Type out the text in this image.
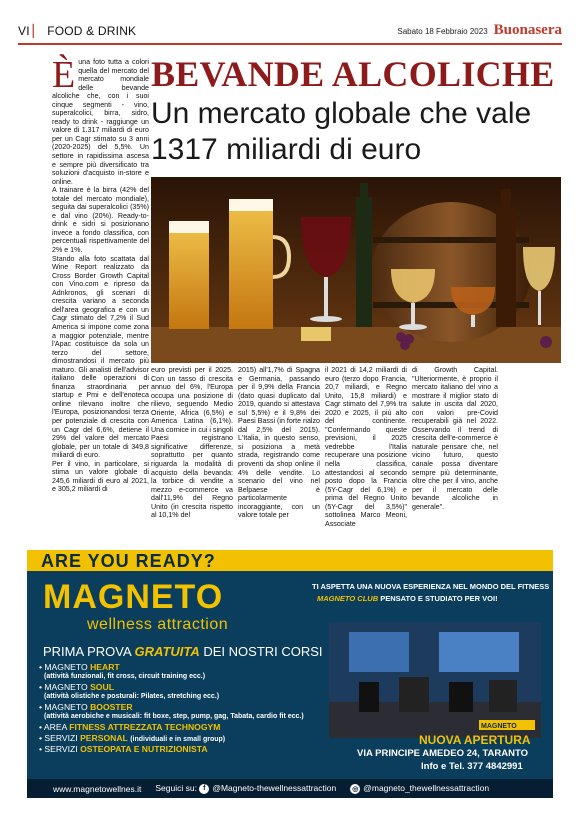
VI ▏ FOOD & DRINK	Sabato 18 Febbraio 2023 Buonasera
È una foto tutta a colori quella del mercato del mercato mondiale delle bevande alcoliche che, con i suoi cinque segmenti - vino, superalcolici, birra, sidro, ready to drink - raggiunge un valore di 1.317 miliardi di euro per un Cagr stimato su 3 anni (2020-2025) del 5,5%. Un settore in rapidissima ascesa e sempre più diversificato tra soluzioni d'acquisto in-store e online.

A trainare è la birra (42% del totale del mercato mondiale), seguita dai superalcolici (35%) e dal vino (20%). Ready-to-drink e sidri si posizionano invece a fondo classifica, con percentuali rispettivamente del 2% e 1%.

Stando alla foto scattata dal Wine Report realizzato da Cross Border Growth Capital con Vino.com e ripreso da Adnkronos, gli scenari di crescita variano a seconda dell'area geografica e con un Cagr stimato del 7,2% il Sud America si impone come zona a maggior potenziale, mentre l'Apac costituisce da sola un terzo del settore, dimostrandosi il mercato più maturo. Gli analisti dell'advisor italiano delle operazioni di finanza straordinaria per startup e Pmi e dell'enoteca online rilevano inoltre che l'Europa, posizionandosi terza per potenziale di crescita con un Cagr del 6,6%, detiene il 29% del valore del mercato globale, per un totale di 349,8 miliardi di euro.

Per il vino, in particolare, si stima un valore globale di 245,6 miliardi di euro al 2021, e 305,2 miliardi di

BEVANDE ALCOLICHE
Un mercato globale che vale 1317 miliardi di euro
euro previsti per il 2025. Con un tasso di crescita annuo del 6%, l'Europa occupa una posizione di rilievo, seguendo Medio Oriente, Africa (6,5%) e America Latina (6,1%). Una cornice in cui i singoli Paesi registrano significative differenze, soprattutto per quanto riguarda la modalità di acquisto della bevanda: la torbice di vendite a mezzo e-commerce va dall'11,9% del Regno Unito (in crescita rispetto al 10,1% del
2015) all'1,7% di Spagna e Germania, passando per il 9,9% della Francia (dato quasi duplicato dal 2019, quando si attestava sul 5,5%) e il 9,8% dei Paesi Bassi (in forte rialzo dal 2,5% del 2015). L'Italia, in questo senso, si posiziona a metà strada, registrando come proventi da shop online il 4% delle vendite. Lo scenario del vino nel Belpaese è particolarmente incoraggiante, con un valore totale per
il 2021 di 14,2 miliardi di euro (terzo dopo Francia, 20,7 miliardi, e Regno Unito, 15,8 miliardi) e Cagr stimato del 7,9% tra 2020 e 2025, il più alto del continente. "Confermando queste previsioni, il 2025 vedrebbe l'Italia recuperare una posizione nella classifica, attestandosi al secondo posto dopo la Francia (5Y-Cagr del 6,1%) e prima del Regno Unito (5Y-Cagr del 3,5%)" sottolinea Marco Meoni, Associate
di Growth Capital. "Ulteriormente, è proprio il mercato italiano del vino a mostrare il miglior stato di salute in uscita dal 2020, con valori pre-Covid recuperabili già nel 2022. Osservando il trend di crescita dell'e-commerce è naturale pensare che, nel vicino futuro, questo canale possa diventare sempre più determinante, oltre che per il vino, anche per il mercato delle bevande alcoliche in generale".
ARE YOU READY?
MAGNETO
wellness attraction
TI ASPETTA UNA NUOVA ESPERIENZA NEL MONDO DEL FITNESS
MAGNETO CLUB PENSATO E STUDIATO PER VOI!
PRIMA PROVA GRATUITA DEI NOSTRI CORSI
• MAGNETO HEART
(attività funzionali, fit cross, circuit training ecc.)
• MAGNETO SOUL
(attività olistiche e posturali: Pilates, stretching ecc.)
• MAGNETO BOOSTER
(attività aerobiche e musicali: fit boxe, step, pump, gag, Tabata, cardio fit ecc.)
• AREA FITNESS ATTREZZATA TECHNOGYM
• SERVIZI PERSONAL (individuali e in small group)
• SERVIZI OSTEOPATA E NUTRIZIONISTA
MAGNETO
NUOVA APERTURA
VIA PRINCIPE AMEDEO 24, TARANTO
Info e Tel. 377 4842991
www.magnetowellnes.it Seguici su: f @Magneto-thewellnessattraction ◎ @magneto_thewellnessattraction
